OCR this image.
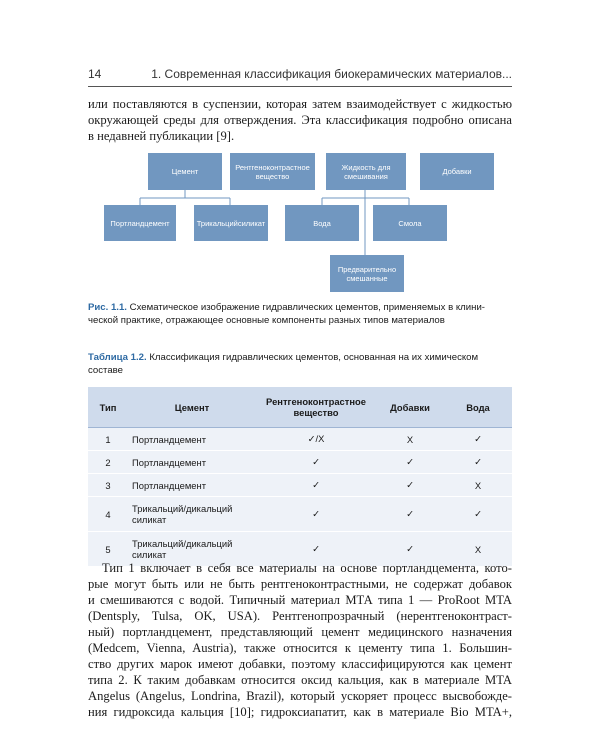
14	1. Современная классификация биокерамических материалов...
или поставляются в суспензии, которая затем взаимодействует с жидкостью
окружающей среды для отверждения. Эта классификация подробно описана
в недавней публикации [9].
Цемент	Рентгеноконтрастное вещество
Жидкость для смешивания	Добавки
Портландцемент	Трикальцийсиликат	Вода	Смола
Предварительно смешанные
Рис. 1.1. Схематическое изображение гидравлических цементов, применяемых в клини-
ческой практике, отражающее основные компоненты разных типов материалов
Таблица 1.2. Классификация гидравлических цементов, основанная на их химическом
составе
Тип	Цемент	Рентгеноконтрастное вещество	Добавки	Вода
1	Портландцемент	✓/X	X	✓
2	Портландцемент	✓	✓	✓
3	Портландцемент	✓	✓	X
4	Трикальций/дикальций силикат	✓	✓	✓
5	Трикальций/дикальций силикат	✓	✓	X
Тип 1 включает в себя все материалы на основе портландцемента, кото-
рые могут быть или не быть рентгеноконтрастными, не содержат добавок
и смешиваются с водой. Типичный материал МТА типа 1 — ProRoot MTA
(Dentsply, Tulsa, OK, USA). Рентгенопрозрачный (нерентгеноконтраст-
ный) портландцемент, представляющий цемент медицинского назначения
(Medcem, Vienna, Austria), также относится к цементу типа 1. Большин-
ство других марок имеют добавки, поэтому классифицируются как цемент
типа 2. К таким добавкам относится оксид кальция, как в материале MTA
Angelus (Angelus, Londrina, Brazil), который ускоряет процесс высвобожде-
ния гидроксида кальция [10]; гидроксиапатит, как в материале Bio MTA+,
